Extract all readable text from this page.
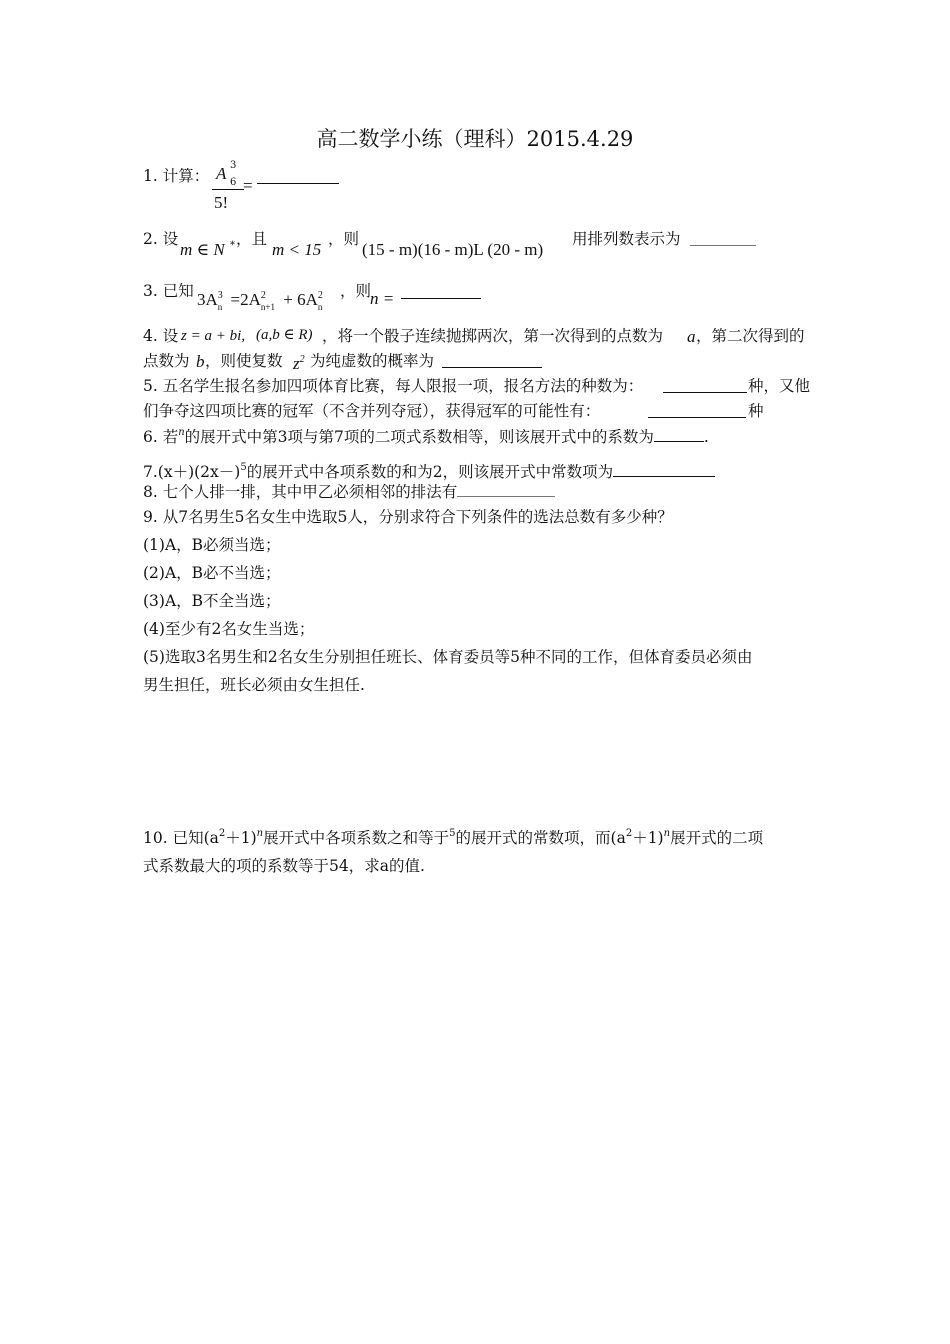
高二数学小练（理科）2015.4.29
1. 计算： A 3
6
5!
=
2. 设
m ∈ N * ，且
m < 15
，则
(15 - m)(16 - m)L (20 - m)
用排列数表示为
3. 已知 $3A^3_n =2A^2_{n+1} + 6A^2_n$
，则
n =
4. 设 z = a + bi, (a,b ∈ R) ，将一个骰子连续抛掷两次，第一次得到的点数为 a ，第二次得到的
点数为 b ，则使复数 $z^2$ 为纯虚数的概率为
5. 五名学生报名参加四项体育比赛，每人限报一项，报名方法的种数为：	种，又他
们争夺这四项比赛的冠军（不含并列夺冠），获得冠军的可能性有：	种
6. 若$^n$的展开式中第3项与第7项的二项式系数相等，则该展开式中的系数为	.
$7.(x+)(2x-)^5$的展开式中各项系数的和为2，则该展开式中常数项为
8. 七个人排一排，其中甲乙必须相邻的排法有
9. 从7名男生5名女生中选取5人，分别求符合下列条件的选法总数有多少种？
(1)A，B必须当选；
(2)A，B必不当选；
(3)A，B不全当选；
(4)至少有2名女生当选；
(5)选取3名男生和2名女生分别担任班长、体育委员等5种不同的工作，但体育委员必须由
男生担任，班长必须由女生担任.
10. 已知$(a^2+1)^n$展开式中各项系数之和等于$^5$的展开式的常数项，而$(a^2+1)^n$展开式的二项
式系数最大的项的系数等于54，求a的值.
